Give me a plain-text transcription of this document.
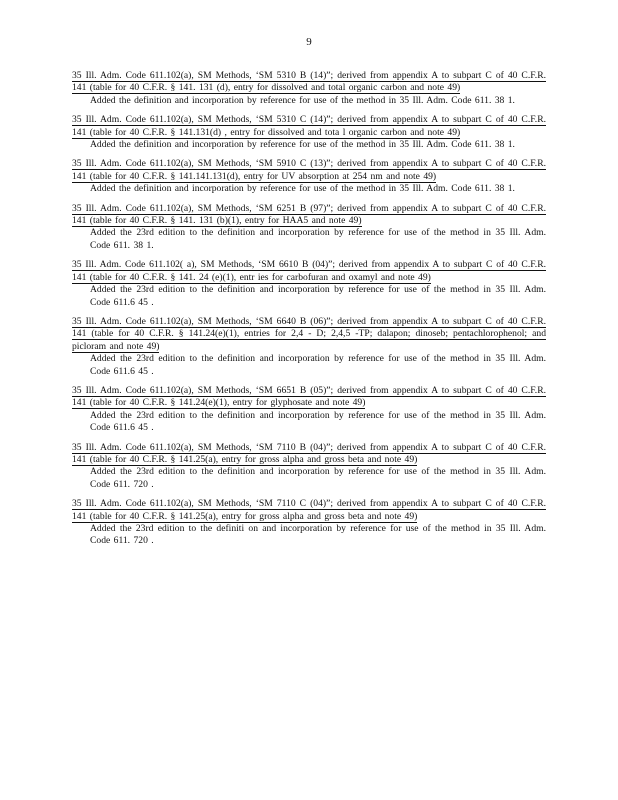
9
35 Ill. Adm. Code 611.102(a), SM Methods, ‘SM 5310 B (14)”; derived from appendix A to subpart C of 40 C.F.R. 141 (table for 40 C.F.R. § 141. 131 (d), entry for dissolved and total organic carbon and note 49)
Added the definition and incorporation by reference for use of the method in 35 Ill. Adm. Code 611. 38 1.
35 Ill. Adm. Code 611.102(a), SM Methods, ‘SM 5310 C (14)”; derived from appendix A to subpart C of 40 C.F.R. 141 (table for 40 C.F.R. § 141.131(d) , entry for dissolved and tota l organic carbon and note 49)
Added the definition and incorporation by reference for use of the method in 35 Ill. Adm. Code 611. 38 1.
35 Ill. Adm. Code 611.102(a), SM Methods, ‘SM 5910 C (13)”; derived from appendix A to subpart C of 40 C.F.R. 141 (table for 40 C.F.R. § 141.141.131(d), entry for UV absorption at 254 nm and note 49)
Added the definition and incorporation by reference for use of the method in 35 Ill. Adm. Code 611. 38 1.
35 Ill. Adm. Code 611.102(a), SM Methods, ‘SM 6251 B (97)”; derived from appendix A to subpart C of 40 C.F.R. 141 (table for 40 C.F.R. § 141. 131 (b)(1), entry for HAA5 and note 49)
Added the 23rd edition to the definition and incorporation by reference for use of the method in 35 Ill. Adm. Code 611. 38 1.
35 Ill. Adm. Code 611.102( a), SM Methods, ‘SM 6610 B (04)”; derived from appendix A to subpart C of 40 C.F.R. 141 (table for 40 C.F.R. § 141. 24 (e)(1), entr ies for carbofuran and oxamyl and note 49)
Added the 23rd edition to the definition and incorporation by reference for use of the method in 35 Ill. Adm. Code 611.6 45 .
35 Ill. Adm. Code 611.102(a), SM Methods, ‘SM 6640 B (06)”; derived from appendix A to subpart C of 40 C.F.R. 141 (table for 40 C.F.R. § 141.24(e)(1), entries for 2,4 - D; 2,4,5 -TP; dalapon; dinoseb; pentachlorophenol; and picloram and note 49)
Added the 23rd edition to the definition and incorporation by reference for use of the method in 35 Ill. Adm. Code 611.6 45 .
35 Ill. Adm. Code 611.102(a), SM Methods, ‘SM 6651 B (05)”; derived from appendix A to subpart C of 40 C.F.R. 141 (table for 40 C.F.R. § 141.24(e)(1), entry for glyphosate and note 49)
Added the 23rd edition to the definition and incorporation by reference for use of the method in 35 Ill. Adm. Code 611.6 45 .
35 Ill. Adm. Code 611.102(a), SM Methods, ‘SM 7110 B (04)”; derived from appendix A to subpart C of 40 C.F.R. 141 (table for 40 C.F.R. § 141.25(a), entry for gross alpha and gross beta and note 49)
Added the 23rd edition to the definition and incorporation by reference for use of the method in 35 Ill. Adm. Code 611. 720 .
35 Ill. Adm. Code 611.102(a), SM Methods, ‘SM 7110 C (04)”; derived from appendix A to subpart C of 40 C.F.R. 141 (table for 40 C.F.R. § 141.25(a), entry for gross alpha and gross beta and note 49)
Added the 23rd edition to the definiti on and incorporation by reference for use of the method in 35 Ill. Adm. Code 611. 720 .
